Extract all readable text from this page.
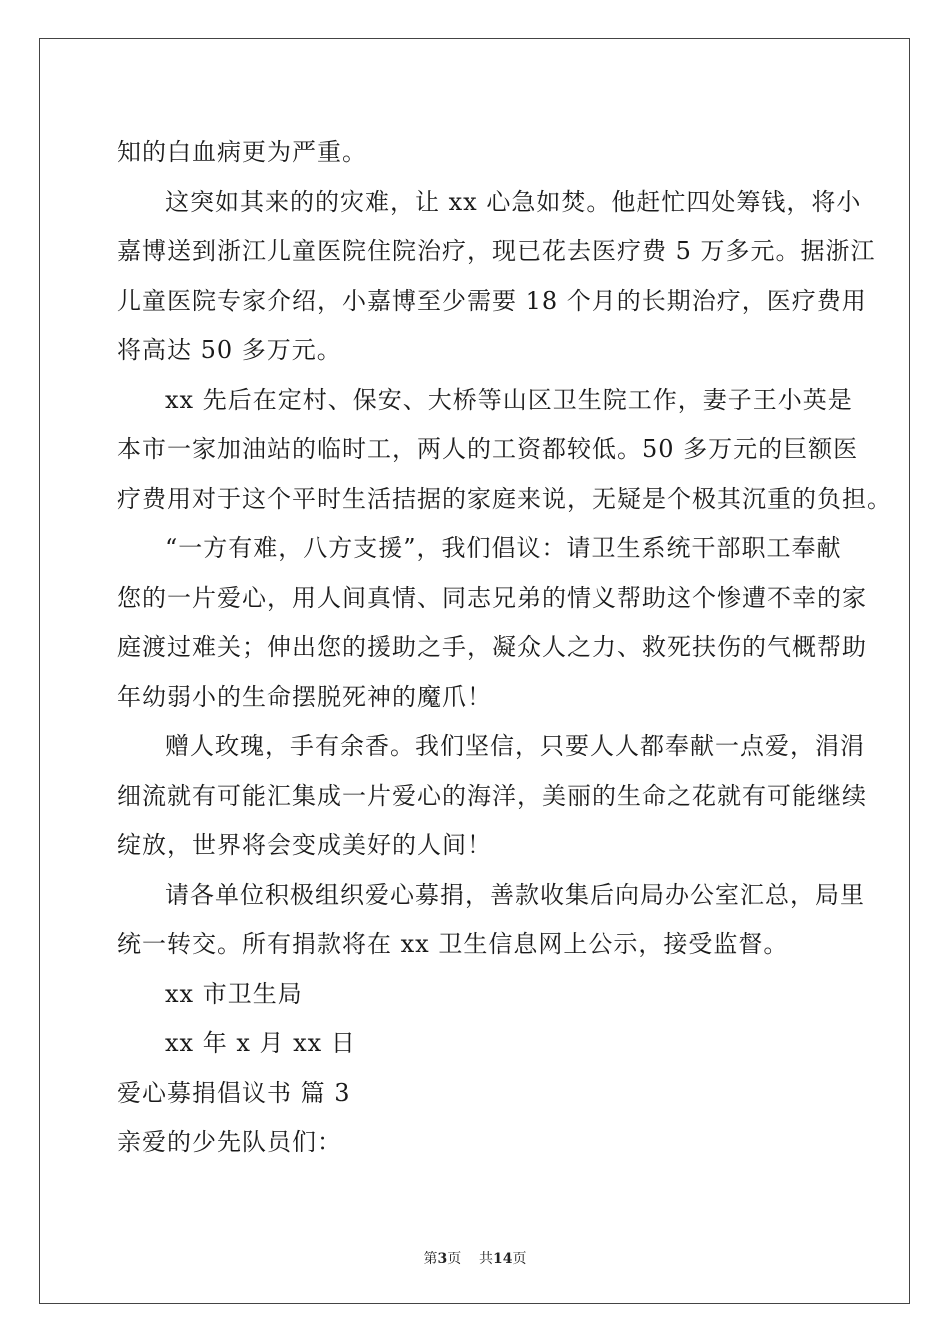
知的白血病更为严重。
这突如其来的的灾难，让 xx 心急如焚。他赶忙四处筹钱，将小
嘉博送到浙江儿童医院住院治疗，现已花去医疗费 5 万多元。据浙江
儿童医院专家介绍，小嘉博至少需要 18 个月的长期治疗，医疗费用
将高达 50 多万元。
xx 先后在定村、保安、大桥等山区卫生院工作，妻子王小英是
本市一家加油站的临时工，两人的工资都较低。50 多万元的巨额医
疗费用对于这个平时生活拮据的家庭来说，无疑是个极其沉重的负担。
“一方有难，八方支援”，我们倡议：请卫生系统干部职工奉献
您的一片爱心，用人间真情、同志兄弟的情义帮助这个惨遭不幸的家
庭渡过难关；伸出您的援助之手，凝众人之力、救死扶伤的气概帮助
年幼弱小的生命摆脱死神的魔爪！
赠人玫瑰，手有余香。我们坚信，只要人人都奉献一点爱，涓涓
细流就有可能汇集成一片爱心的海洋，美丽的生命之花就有可能继续
绽放，世界将会变成美好的人间！
请各单位积极组织爱心募捐，善款收集后向局办公室汇总，局里
统一转交。所有捐款将在 xx 卫生信息网上公示，接受监督。
xx 市卫生局
xx 年 x 月 xx 日
爱心募捐倡议书 篇 3
亲爱的少先队员们：
第3页    共14页
